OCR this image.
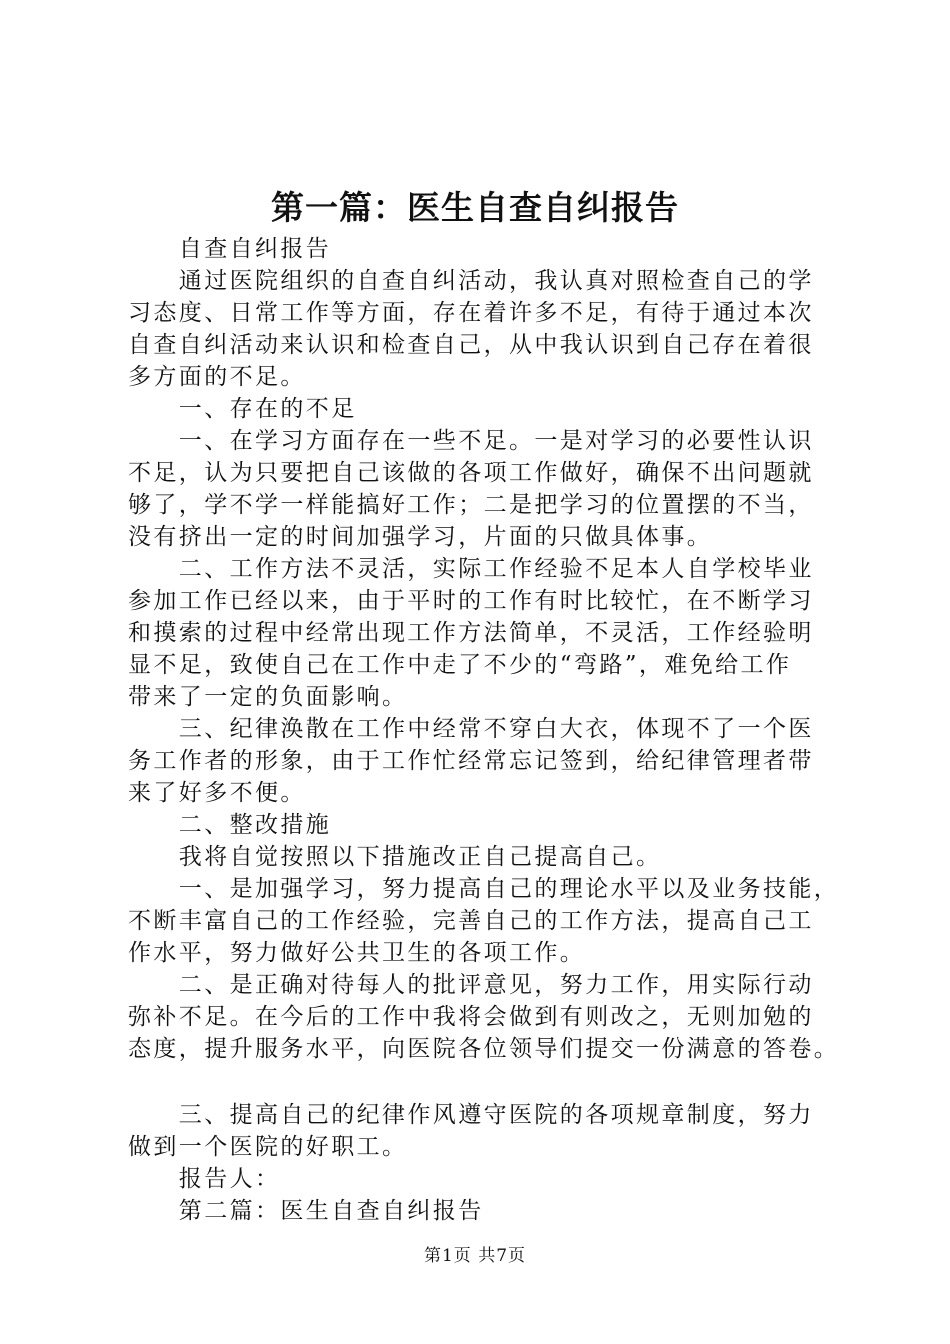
第一篇：医生自查自纠报告
　　自查自纠报告
　　通过医院组织的自查自纠活动，我认真对照检查自己的学
习态度、日常工作等方面，存在着许多不足，有待于通过本次
自查自纠活动来认识和检查自己，从中我认识到自己存在着很
多方面的不足。
　　一、存在的不足
　　一、在学习方面存在一些不足。一是对学习的必要性认识
不足，认为只要把自己该做的各项工作做好，确保不出问题就
够了，学不学一样能搞好工作；二是把学习的位置摆的不当，
没有挤出一定的时间加强学习，片面的只做具体事。
　　二、工作方法不灵活，实际工作经验不足本人自学校毕业
参加工作已经以来，由于平时的工作有时比较忙，在不断学习
和摸索的过程中经常出现工作方法简单，不灵活，工作经验明
显不足，致使自己在工作中走了不少的“弯路”，难免给工作
带来了一定的负面影响。
　　三、纪律涣散在工作中经常不穿白大衣，体现不了一个医
务工作者的形象，由于工作忙经常忘记签到，给纪律管理者带
来了好多不便。
　　二、整改措施
　　我将自觉按照以下措施改正自己提高自己。
　　一、是加强学习，努力提高自己的理论水平以及业务技能，
不断丰富自己的工作经验，完善自己的工作方法，提高自己工
作水平，努力做好公共卫生的各项工作。
　　二、是正确对待每人的批评意见，努力工作，用实际行动
弥补不足。在今后的工作中我将会做到有则改之，无则加勉的
态度，提升服务水平，向医院各位领导们提交一份满意的答卷。
　　三、提高自己的纪律作风遵守医院的各项规章制度，努力
做到一个医院的好职工。
　　报告人：
　　第二篇：医生自查自纠报告
第1页 共7页
